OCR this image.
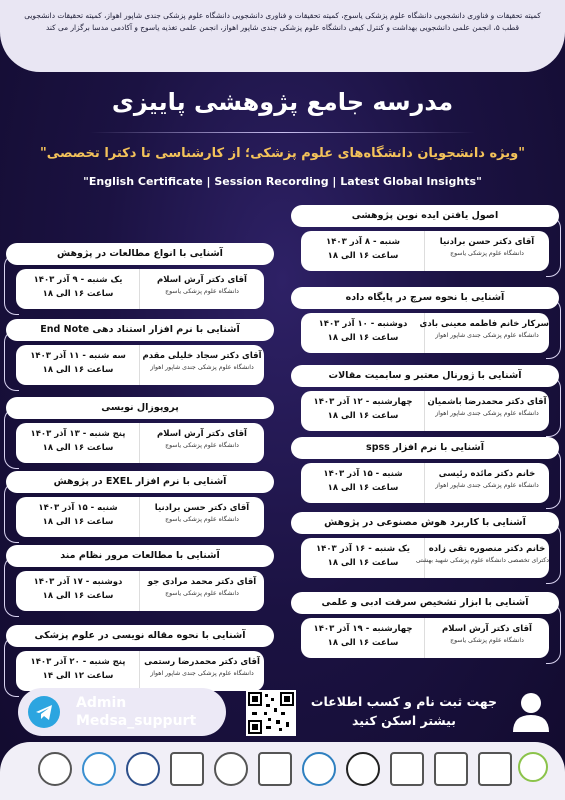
کمیته تحقیقات و فناوری دانشجویی دانشگاه علوم پزشکی یاسوج، کمیته تحقیقات و فناوری دانشجویی دانشگاه علوم پزشکی جندی شاپور اهواز، کمیته تحقیقات دانشجویی قطب ۵، انجمن علمی دانشجویی بهداشت و کنترل کیفی دانشگاه علوم پزشکی جندی شاپور اهواز، انجمن علمی تغذیه یاسوج و آکادمی مدسا برگزار می کند

مدرسه جامع پژوهشی پاییزی
"ویژه دانشجویان دانشگاه‌های علوم پزشکی؛ از کارشناسی تا دکترا تخصصی"
"English Certificate | Session Recording | Latest Global Insights"
اصول یافتن ایده نوین پژوهشی
آقای دکتر حسن برادنیا
دانشگاه علوم پزشکی یاسوج
شنبه - ۸ آذر ۱۴۰۳
ساعت ۱۶ الی ۱۸
آشنایی با نحوه سرچ در پایگاه داده
سرکار خانم فاطمه معینی بادی
دانشگاه علوم پزشکی جندی شاپور اهواز
دوشنبه - ۱۰ آذر ۱۴۰۳
ساعت ۱۶ الی ۱۸
آشنایی با ژورنال معتبر و سابمیت مقالات
آقای دکتر محمدرضا باشمیان
دانشگاه علوم پزشکی جندی شاپور اهواز
چهارشنبه - ۱۲ آذر ۱۴۰۳
ساعت ۱۶ الی ۱۸
آشنایی با نرم افزار spss
خانم دکتر مائده رئیسی
دانشگاه علوم پزشکی جندی شاپور اهواز
شنبه - ۱۵ آذر ۱۴۰۳
ساعت ۱۶ الی ۱۸
آشنایی با کاربرد هوش مصنوعی در پژوهش
خانم دکتر منصوره تقی زاده
دکترای تخصصی دانشگاه علوم پزشکی شهید بهشتی
یک شنبه - ۱۶ آذر ۱۴۰۳
ساعت ۱۶ الی ۱۸
آشنایی با ابزار تشخیص سرقت ادبی و علمی
آقای دکتر آرش اسلام
دانشگاه علوم پزشکی یاسوج
چهارشنبه - ۱۹ آذر ۱۴۰۳
ساعت ۱۶ الی ۱۸
آشنایی با انواع مطالعات در پژوهش
آقای دکتر آرش اسلام
دانشگاه علوم پزشکی یاسوج
یک شنبه - ۹ آذر ۱۴۰۳
ساعت ۱۶ الی ۱۸
آشنایی با نرم افزار استناد دهی End Note
آقای دکتر سجاد خلیلی مقدم
دانشگاه علوم پزشکی جندی شاپور اهواز
سه شنبه - ۱۱ آذر ۱۴۰۳
ساعت ۱۶ الی ۱۸
پروپوزال نویسی
آقای دکتر آرش اسلام
دانشگاه علوم پزشکی یاسوج
پنج شنبه - ۱۳ آذر ۱۴۰۳
ساعت ۱۶ الی ۱۸
آشنایی با نرم افزار EXEL در پژوهش
آقای دکتر حسن برادنیا
دانشگاه علوم پزشکی یاسوج
شنبه - ۱۵ آذر ۱۴۰۳
ساعت ۱۶ الی ۱۸
آشنایی با مطالعات مرور نظام مند
آقای دکتر محمد مرادی جو
دانشگاه علوم پزشکی یاسوج
دوشنبه - ۱۷ آذر ۱۴۰۳
ساعت ۱۶ الی ۱۸
آشنایی با نحوه مقاله نویسی در علوم پزشکی
آقای دکتر محمدرضا رستمی
دانشگاه علوم پزشکی جندی شاپور اهواز
پنج شنبه - ۲۰ آذر ۱۴۰۳
ساعت ۱۲ الی ۱۴
Admin
Medsa_suppurt
جهت ثبت نام و کسب اطلاعات
بیشتر اسکن کنید
